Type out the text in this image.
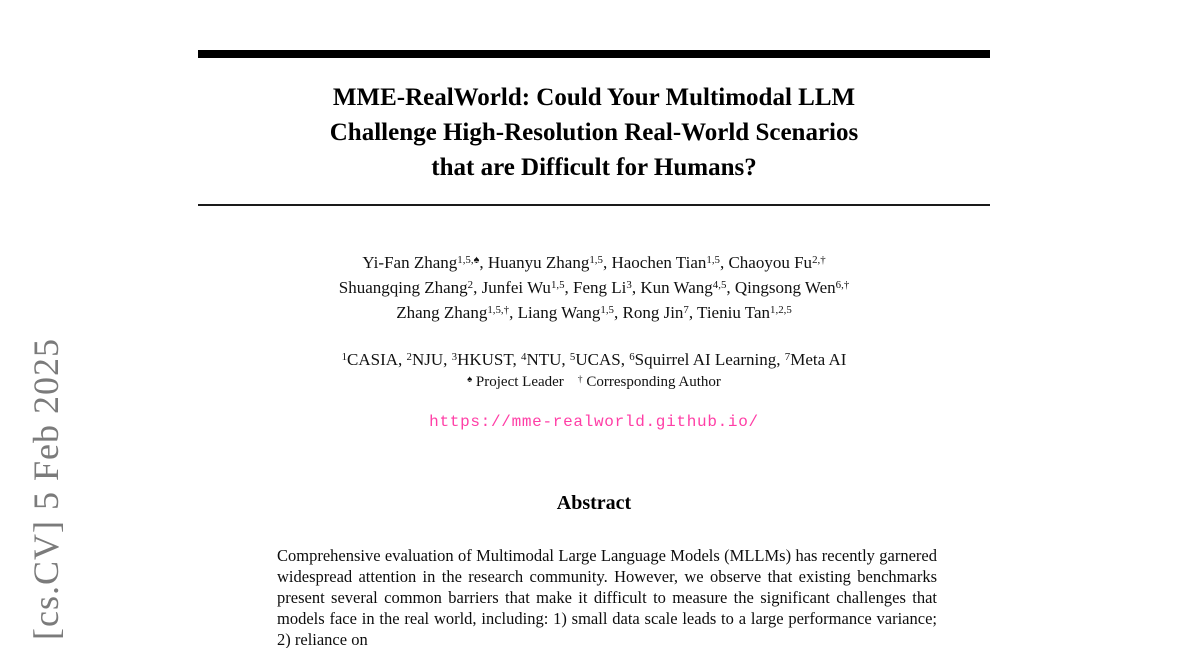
[cs.CV] 5 Feb 2025
MME-RealWorld: Could Your Multimodal LLM
Challenge High-Resolution Real-World Scenarios
that are Difficult for Humans?
Yi-Fan Zhang$^{1,5,♠}$, Huanyu Zhang$^{1,5}$, Haochen Tian$^{1,5}$, Chaoyou $Fu^{2,\dagger}$
Shuangqing Zhang$^2$, Junfei Wu$^{1,5}$, Feng Li$^3$, Kun Wang$^{4,5}$, Qingsong Wen$^{6,\dagger}$
Zhang Zhang$^{1,5,\dagger}$, Liang Wang$^{1,5}$, Rong Jin$^7$, Tieniu Tan$^{1,2,5}$
$^1$CASIA, $^2$NJU, $^3$HKUST, $^4$NTU, $^5$UCAS, $^6$Squirrel AI Learning, $^7$Meta AI
♠ Project Leader † Corresponding Author
https://mme-realworld.github.io/
Abstract
Comprehensive evaluation of Multimodal Large Language Models (MLLMs) has recently garnered widespread attention in the research community. However, we observe that existing benchmarks present several common barriers that make it difficult to measure the significant challenges that models face in the real world, including: 1) small data scale leads to a large performance variance; 2) reliance on
